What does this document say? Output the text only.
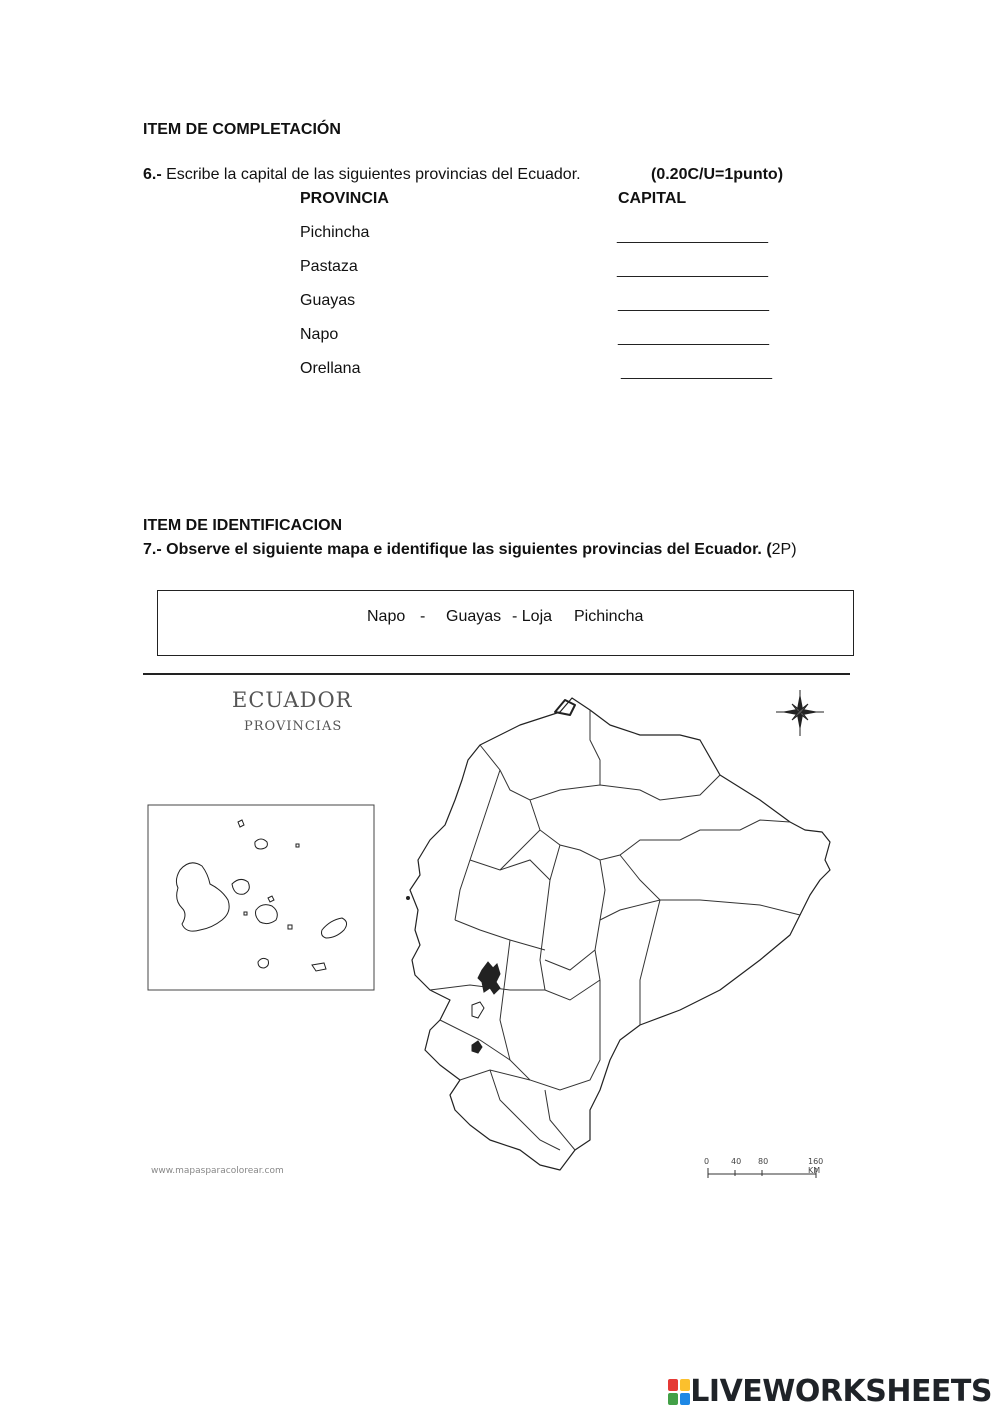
ITEM DE COMPLETACIÓN
6.- Escribe la capital de las siguientes provincias del Ecuador.	(0.20C/U=1punto)
PROVINCIA	CAPITAL
Pichincha	___________________
Pastaza	___________________
Guayas	___________________
Napo	___________________
Orellana	___________________
ITEM DE IDENTIFICACION
7.- Observe el siguiente mapa e identifique las siguientes provincias del Ecuador. (2P)
Napo - Guayas - Loja Pichincha
ECUADOR
PROVINCIAS
www.mapasparacolorear.com
0	40 80	160 KM
LIVEWORKSHEETS
